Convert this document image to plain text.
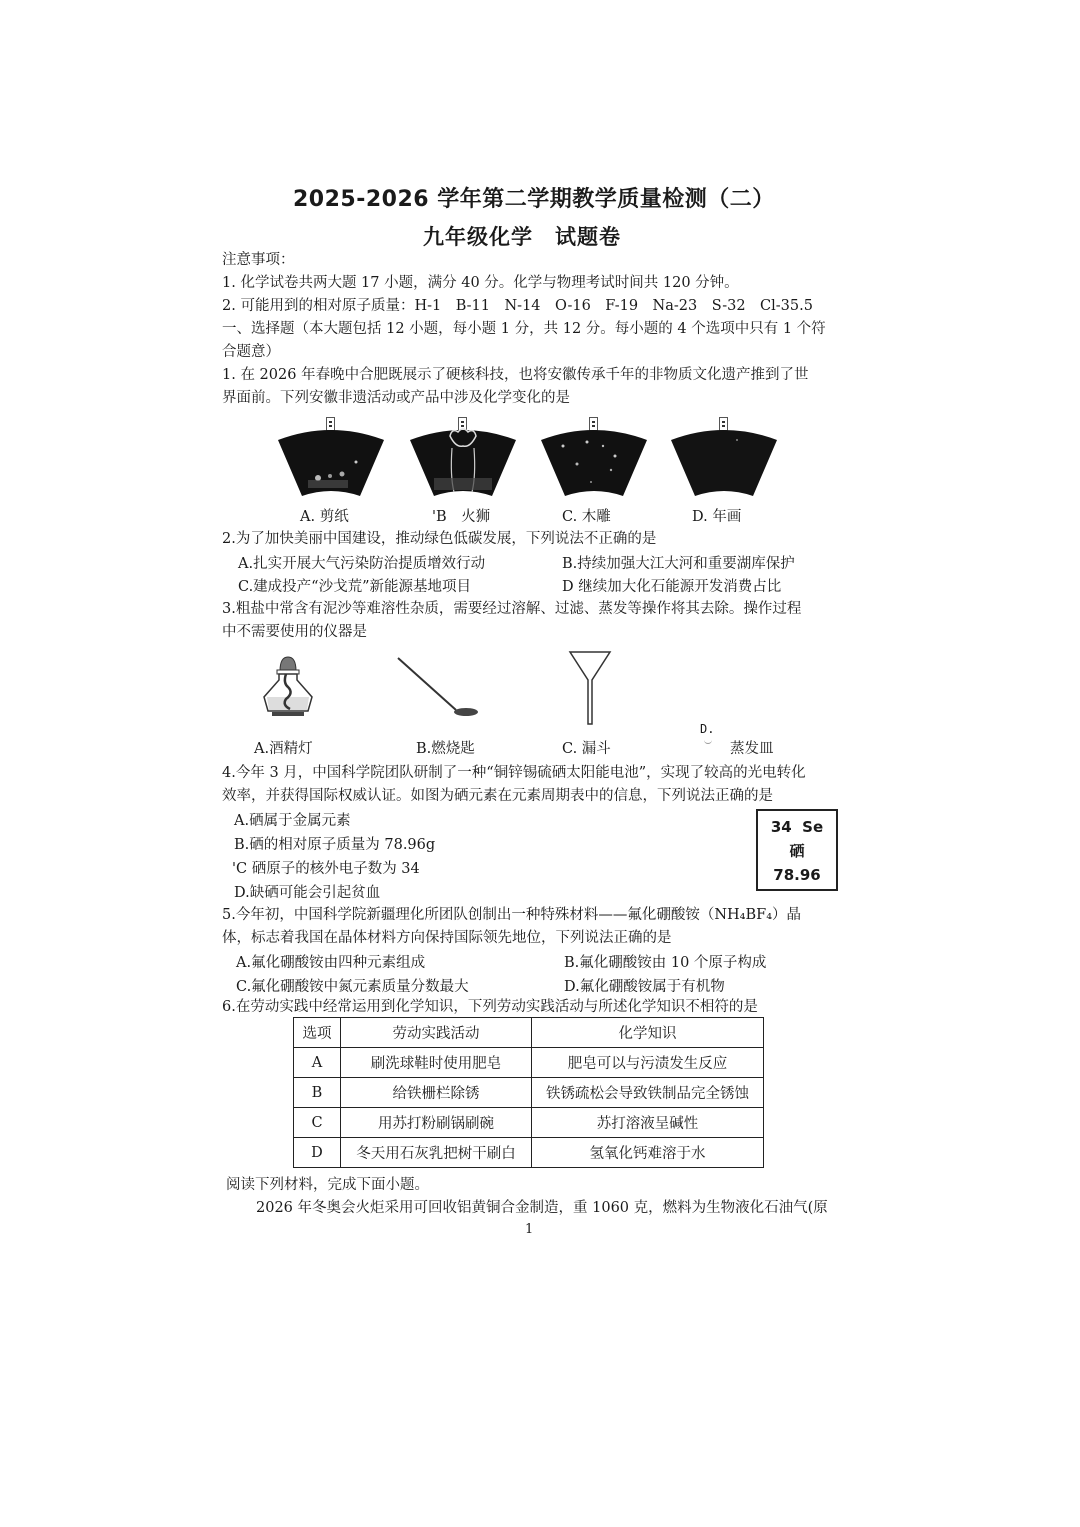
2025-2026 学年第二学期教学质量检测（二）
九年级化学　试题卷
注意事项：
1. 化学试卷共两大题 17 小题，满分 40 分。化学与物理考试时间共 120 分钟。
2. 可能用到的相对原子质量：H-1　B-11　N-14　O-16　F-19　Na-23　S-32　Cl-35.5
一、选择题（本大题包括 12 小题，每小题 1 分，共 12 分。每小题的 4 个选项中只有 1 个符
合题意）
1. 在 2026 年春晚中合肥既展示了硬核科技，也将安徽传承千年的非物质文化遗产推到了世
界面前。下列安徽非遗活动或产品中涉及化学变化的是
A. 剪纸	'B　火狮	C. 木雕	D. 年画
2.为了加快美丽中国建设，推动绿色低碳发展，下列说法不正确的是
A.扎实开展大气污染防治提质增效行动	B.持续加强大江大河和重要湖库保护
C.建成投产“沙戈荒”新能源基地项目	D 继续加大化石能源开发消费占比
3.粗盐中常含有泥沙等难溶性杂质，需要经过溶解、过滤、蒸发等操作将其去除。操作过程
中不需要使用的仪器是
A.酒精灯	B.燃烧匙	C. 漏斗
D.
蒸发皿
4.今年 3 月，中国科学院团队研制了一种“铜锌锡硫硒太阳能电池”，实现了较高的光电转化
效率，并获得国际权威认证。如图为硒元素在元素周期表中的信息，下列说法正确的是
A.硒属于金属元素
B.硒的相对原子质量为 78.96g
'C 硒原子的核外电子数为 34
D.缺硒可能会引起贫血
34 Se
硒
78.96
5.今年初，中国科学院新疆理化所团队创制出一种特殊材料——氟化硼酸铵（NH₄BF₄）晶
体，标志着我国在晶体材料方向保持国际领先地位，下列说法正确的是
A.氟化硼酸铵由四种元素组成	B.氟化硼酸铵由 10 个原子构成
C.氟化硼酸铵中氮元素质量分数最大	D.氟化硼酸铵属于有机物
6.在劳动实践中经常运用到化学知识，下列劳动实践活动与所述化学知识不相符的是
选项	劳动实践活动	化学知识
A	刷洗球鞋时使用肥皂	肥皂可以与污渍发生反应
B	给铁栅栏除锈	铁锈疏松会导致铁制品完全锈蚀
C	用苏打粉刷锅刷碗	苏打溶液呈碱性
D	冬天用石灰乳把树干刷白	氢氧化钙难溶于水
阅读下列材料，完成下面小题。
2026 年冬奥会火炬采用可回收铝黄铜合金制造，重 1060 克，燃料为生物液化石油气(原
1
